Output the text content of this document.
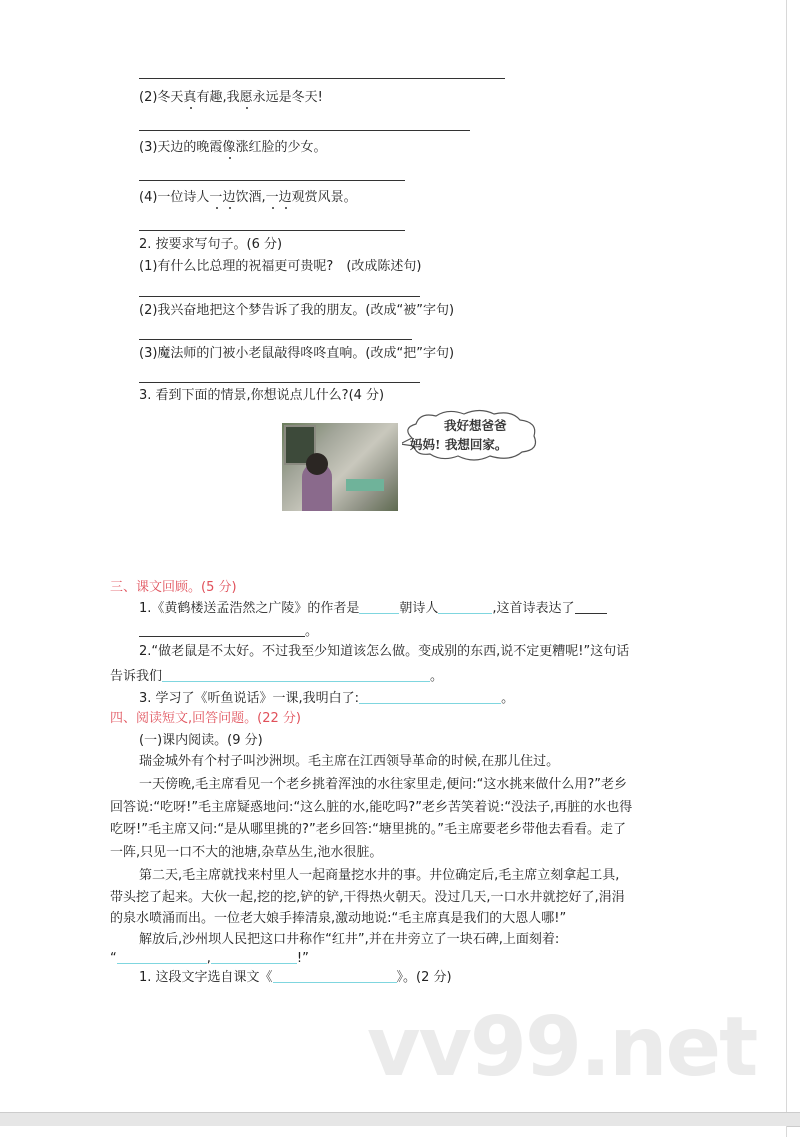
(2)冬天真有趣,我愿永远是冬天!
(3)天边的晚霞像涨红脸的少女。
(4)一位诗人一边饮酒,一边观赏风景。
2. 按要求写句子。(6 分)
(1)有什么比总理的祝福更可贵呢?　(改成陈述句)
(2)我兴奋地把这个梦告诉了我的朋友。(改成“被”字句)
(3)魔法师的门被小老鼠敲得咚咚直响。(改成“把”字句)
3. 看到下面的情景,你想说点儿什么?(4 分)
我好想爸爸
妈妈! 我想回家。
三、课文回顾。(5 分)
1.《黄鹤楼送孟浩然之广陵》的作者是	朝诗人	,这首诗表达了
。
2.“做老鼠是不太好。不过我至少知道该怎么做。变成别的东西,说不定更糟呢!”这句话
告诉我们	。
3. 学习了《听鱼说话》一课,我明白了:	。
四、阅读短文,回答问题。(22 分)
(一)课内阅读。(9 分)
瑞金城外有个村子叫沙洲坝。毛主席在江西领导革命的时候,在那儿住过。
一天傍晚,毛主席看见一个老乡挑着浑浊的水往家里走,便问:“这水挑来做什么用?”老乡
回答说:“吃呀!”毛主席疑惑地问:“这么脏的水,能吃吗?”老乡苦笑着说:“没法子,再脏的水也得
吃呀!”毛主席又问:“是从哪里挑的?”老乡回答:“塘里挑的。”毛主席要老乡带他去看看。走了
一阵,只见一口不大的池塘,杂草丛生,池水很脏。
第二天,毛主席就找来村里人一起商量挖水井的事。井位确定后,毛主席立刻拿起工具,
带头挖了起来。大伙一起,挖的挖,铲的铲,干得热火朝天。没过几天,一口水井就挖好了,涓涓
的泉水喷涌而出。一位老大娘手捧清泉,激动地说:“毛主席真是我们的大恩人哪!”
解放后,沙州坝人民把这口井称作“红井”,并在井旁立了一块石碑,上面刻着:
“	,	!”
1. 这段文字选自课文《	》。(2 分)
vv99.net
